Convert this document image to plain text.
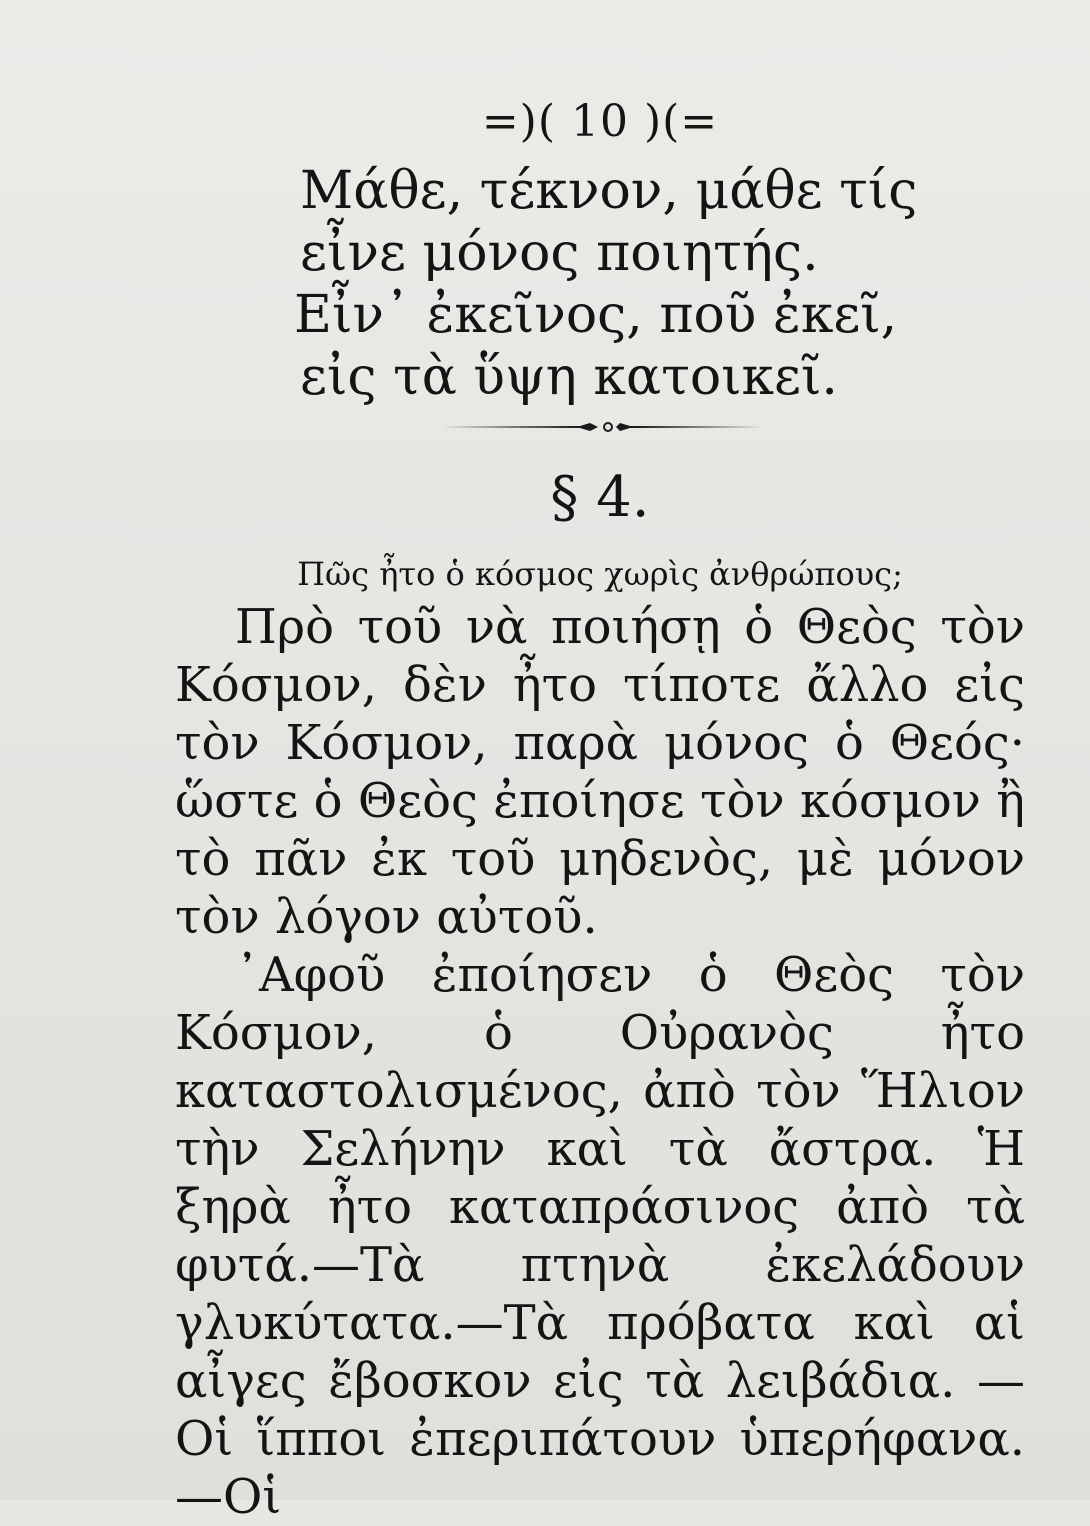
=)( 10 )(=
Μάθε, τέκνον, μάθε τίς
εἶνε μόνος ποιητής.
Εἶν᾽ ἐκεῖνος, ποῦ ἐκεῖ,
εἰς τὰ ὕψη κατοικεῖ.
§ 4.
Πῶς ἦτο ὁ κόσμος χωρὶς ἀνθρώπους;

Πρὸ τοῦ νὰ ποιήσῃ ὁ Θεὸς τὸν Κόσμον, δὲν ἦτο τίποτε ἄλλο εἰς τὸν Κόσμον, παρὰ μόνος ὁ Θεός· ὥστε ὁ Θεὸς ἐποίησε τὸν κόσμον ἢ τὸ πᾶν ἐκ τοῦ μηδενὸς, μὲ μόνον τὸν λόγον αὐτοῦ.

᾽Αφοῦ ἐποίησεν ὁ Θεὸς τὸν Κόσμον, ὁ Οὐρανὸς ἦτο καταστολισμένος, ἀπὸ τὸν Ἥλιον τὴν Σελήνην καὶ τὰ ἄστρα. Ἡ ξηρὰ ἦτο καταπράσινος ἀπὸ τὰ φυτά.—Τὰ πτηνὰ ἐκελάδουν γλυκύτατα.—Τὰ πρόβατα καὶ αἱ αἶγες ἔβοσκον εἰς τὰ λειβάδια. —Οἱ ἵπποι ἐπεριπάτουν ὑπερήφανα.—Οἱ
